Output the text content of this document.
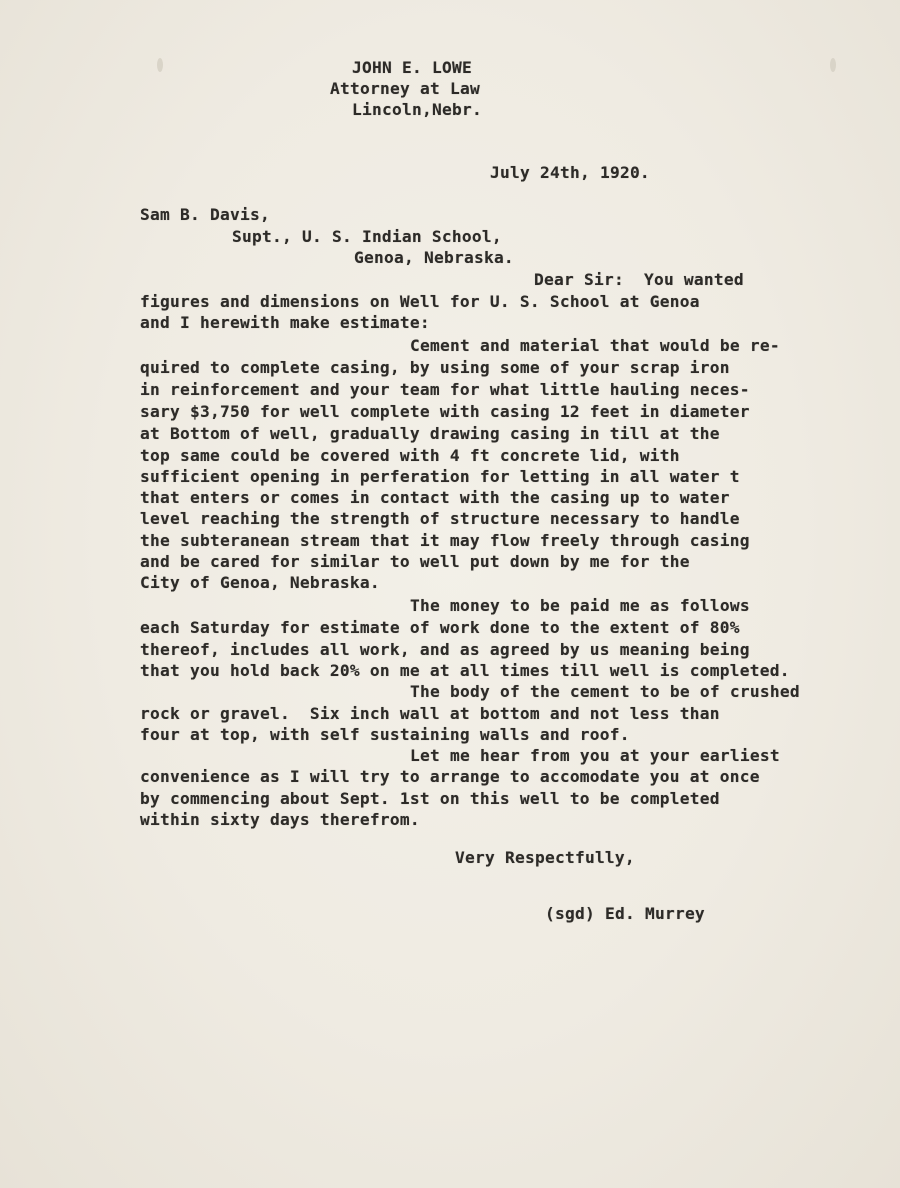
JOHN E. LOWE
Attorney at Law
Lincoln,Nebr.
July 24th, 1920.
Sam B. Davis,
Supt., U. S. Indian School,
Genoa, Nebraska.
Dear Sir:  You wanted
figures and dimensions on Well for U. S. School at Genoa
and I herewith make estimate:
Cement and material that would be re-
quired to complete casing, by using some of your scrap iron
in reinforcement and your team for what little hauling neces-
sary $3,750 for well complete with casing 12 feet in diameter
at Bottom of well, gradually drawing casing in till at the
top same could be covered with 4 ft concrete lid, with
sufficient opening in perferation for letting in all water t
that enters or comes in contact with the casing up to water
level reaching the strength of structure necessary to handle
the subteranean stream that it may flow freely through casing
and be cared for similar to well put down by me for the
City of Genoa, Nebraska.
The money to be paid me as follows
each Saturday for estimate of work done to the extent of 80%
thereof, includes all work, and as agreed by us meaning being
that you hold back 20% on me at all times till well is completed.
The body of the cement to be of crushed
rock or gravel.  Six inch wall at bottom and not less than
four at top, with self sustaining walls and roof.
Let me hear from you at your earliest
convenience as I will try to arrange to accomodate you at once
by commencing about Sept. 1st on this well to be completed
within sixty days therefrom.
Very Respectfully,
(sgd) Ed. Murrey
